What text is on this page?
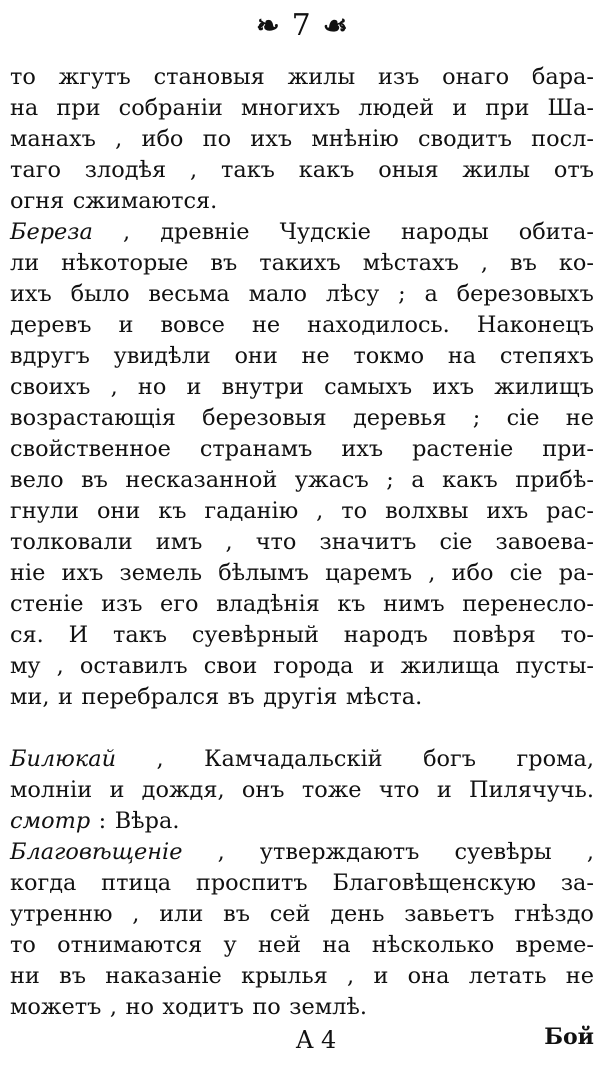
❧ 7 ☙
то жгутъ становыя жилы изъ онаго бара-
на при собраніи многихъ людей и при Ша-
манахъ , ибо по ихъ мнѣнію сводитъ посл-
таго злодѣя , такъ какъ оныя жилы отъ
огня сжимаются.
Береза , древніе Чудскіе народы обита-
ли нѣкоторые въ такихъ мѣстахъ , въ ко-
ихъ было весьма мало лѣсу ; а березовыхъ
деревъ и вовсе не находилось. Наконецъ
вдругъ увидѣли они не токмо на степяхъ
своихъ , но и внутри самыхъ ихъ жилищъ
возрастающія березовыя деревья ; сіе не
свойственное странамъ ихъ растеніе при-
вело въ несказанной ужасъ ; а какъ прибѣ-
гнули они къ гаданію , то волхвы ихъ рас-
толковали имъ , что значитъ сіе завоева-
ніе ихъ земель бѣлымъ царемъ , ибо сіе ра-
стеніе изъ его владѣнія къ нимъ перенесло-
ся. И такъ суевѣрный народъ повѣря то-
му , оставилъ свои города и жилища пусты-
ми, и перебрался въ другія мѣста.
Билюкай , Камчадальскій богъ грома,
молніи и дождя, онъ тоже что и Пилячучь.
смотр : Вѣра.
Благовѣщеніе , утверждаютъ суевѣры ,
когда птица проспитъ Благовѣщенскую за-
утренню , или въ сей день завьетъ гнѣздо
то отнимаются у ней на нѣсколько време-
ни въ наказаніе крылья , и она летать не
можетъ , но ходитъ по землѣ.
A 4	Бой
